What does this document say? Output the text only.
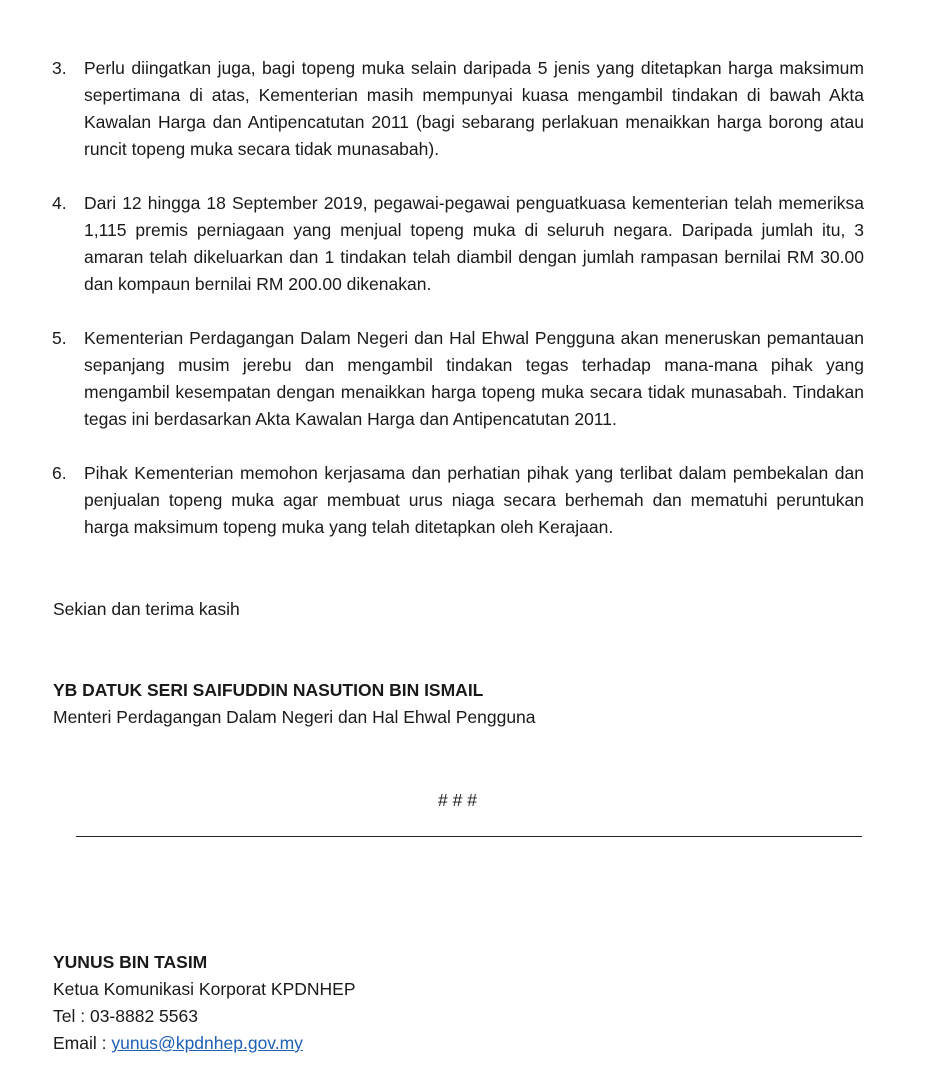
3. Perlu diingatkan juga, bagi topeng muka selain daripada 5 jenis yang ditetapkan harga maksimum sepertimana di atas, Kementerian masih mempunyai kuasa mengambil tindakan di bawah Akta Kawalan Harga dan Antipencatutan 2011 (bagi sebarang perlakuan menaikkan harga borong atau runcit topeng muka secara tidak munasabah).
4. Dari 12 hingga 18 September 2019, pegawai-pegawai penguatkuasa kementerian telah memeriksa 1,115 premis perniagaan yang menjual topeng muka di seluruh negara. Daripada jumlah itu, 3 amaran telah dikeluarkan dan 1 tindakan telah diambil dengan jumlah rampasan bernilai RM 30.00 dan kompaun bernilai RM 200.00 dikenakan.
5. Kementerian Perdagangan Dalam Negeri dan Hal Ehwal Pengguna akan meneruskan pemantauan sepanjang musim jerebu dan mengambil tindakan tegas terhadap mana-mana pihak yang mengambil kesempatan dengan menaikkan harga topeng muka secara tidak munasabah. Tindakan tegas ini berdasarkan Akta Kawalan Harga dan Antipencatutan 2011.
6. Pihak Kementerian memohon kerjasama dan perhatian pihak yang terlibat dalam pembekalan dan penjualan topeng muka agar membuat urus niaga secara berhemah dan mematuhi peruntukan harga maksimum topeng muka yang telah ditetapkan oleh Kerajaan.
Sekian dan terima kasih
YB DATUK SERI SAIFUDDIN NASUTION BIN ISMAIL
Menteri Perdagangan Dalam Negeri dan Hal Ehwal Pengguna
# # #
YUNUS BIN TASIM
Ketua Komunikasi Korporat KPDNHEP
Tel : 03-8882 5563
Email : yunus@kpdnhep.gov.my
